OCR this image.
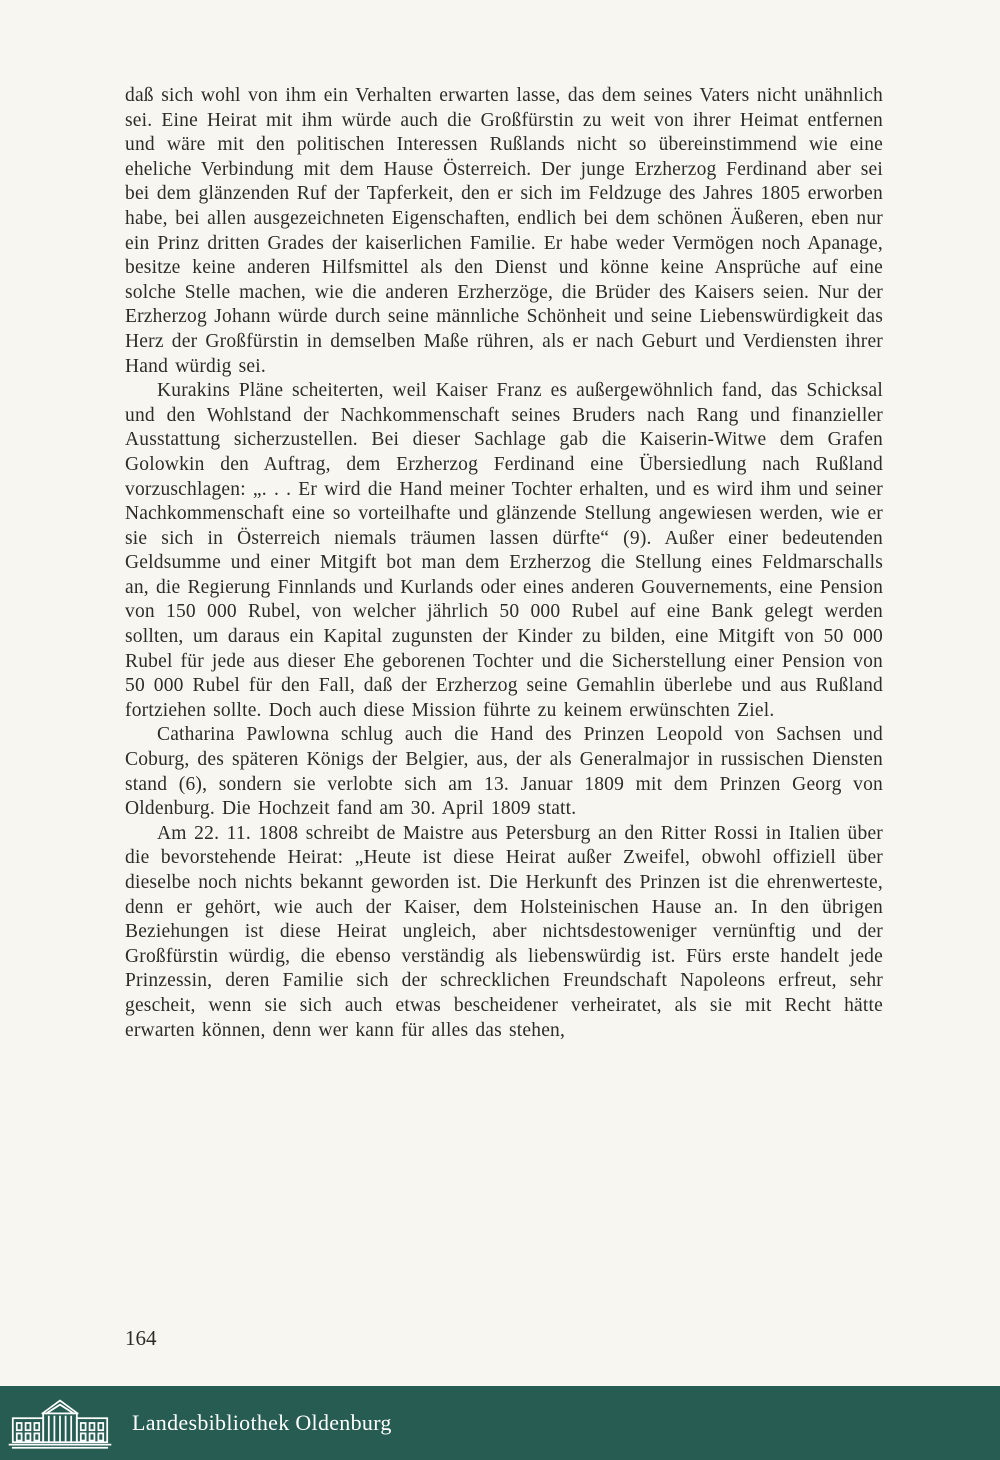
daß sich wohl von ihm ein Verhalten erwarten lasse, das dem seines Vaters nicht unähnlich sei. Eine Heirat mit ihm würde auch die Großfürstin zu weit von ihrer Heimat entfernen und wäre mit den politischen Interessen Rußlands nicht so übereinstimmend wie eine eheliche Verbindung mit dem Hause Österreich. Der junge Erzherzog Ferdinand aber sei bei dem glänzenden Ruf der Tapferkeit, den er sich im Feldzuge des Jahres 1805 erworben habe, bei allen ausgezeichneten Eigenschaften, endlich bei dem schönen Äußeren, eben nur ein Prinz dritten Grades der kaiserlichen Familie. Er habe weder Vermögen noch Apanage, besitze keine anderen Hilfsmittel als den Dienst und könne keine Ansprüche auf eine solche Stelle machen, wie die anderen Erzherzöge, die Brüder des Kaisers seien. Nur der Erzherzog Johann würde durch seine männliche Schönheit und seine Liebenswürdigkeit das Herz der Großfürstin in demselben Maße rühren, als er nach Geburt und Verdiensten ihrer Hand würdig sei.

Kurakins Pläne scheiterten, weil Kaiser Franz es außergewöhnlich fand, das Schicksal und den Wohlstand der Nachkommenschaft seines Bruders nach Rang und finanzieller Ausstattung sicherzustellen. Bei dieser Sachlage gab die Kaiserin-Witwe dem Grafen Golowkin den Auftrag, dem Erzherzog Ferdinand eine Übersiedlung nach Rußland vorzuschlagen: „. . . Er wird die Hand meiner Tochter erhalten, und es wird ihm und seiner Nachkommenschaft eine so vorteilhafte und glänzende Stellung angewiesen werden, wie er sie sich in Österreich niemals träumen lassen dürfte“ (9). Außer einer bedeutenden Geldsumme und einer Mitgift bot man dem Erzherzog die Stellung eines Feldmarschalls an, die Regierung Finnlands und Kurlands oder eines anderen Gouvernements, eine Pension von 150 000 Rubel, von welcher jährlich 50 000 Rubel auf eine Bank gelegt werden sollten, um daraus ein Kapital zugunsten der Kinder zu bilden, eine Mitgift von 50 000 Rubel für jede aus dieser Ehe geborenen Tochter und die Sicherstellung einer Pension von 50 000 Rubel für den Fall, daß der Erzherzog seine Gemahlin überlebe und aus Rußland fortziehen sollte. Doch auch diese Mission führte zu keinem erwünschten Ziel.

Catharina Pawlowna schlug auch die Hand des Prinzen Leopold von Sachsen und Coburg, des späteren Königs der Belgier, aus, der als Generalmajor in russischen Diensten stand (6), sondern sie verlobte sich am 13. Januar 1809 mit dem Prinzen Georg von Oldenburg. Die Hochzeit fand am 30. April 1809 statt.

Am 22. 11. 1808 schreibt de Maistre aus Petersburg an den Ritter Rossi in Italien über die bevorstehende Heirat: „Heute ist diese Heirat außer Zweifel, obwohl offiziell über dieselbe noch nichts bekannt geworden ist. Die Herkunft des Prinzen ist die ehrenwerteste, denn er gehört, wie auch der Kaiser, dem Holsteinischen Hause an. In den übrigen Beziehungen ist diese Heirat ungleich, aber nichtsdestoweniger vernünftig und der Großfürstin würdig, die ebenso verständig als liebenswürdig ist. Fürs erste handelt jede Prinzessin, deren Familie sich der schrecklichen Freundschaft Napoleons erfreut, sehr gescheit, wenn sie sich auch etwas bescheidener verheiratet, als sie mit Recht hätte erwarten können, denn wer kann für alles das stehen,

164
Landesbibliothek Oldenburg
